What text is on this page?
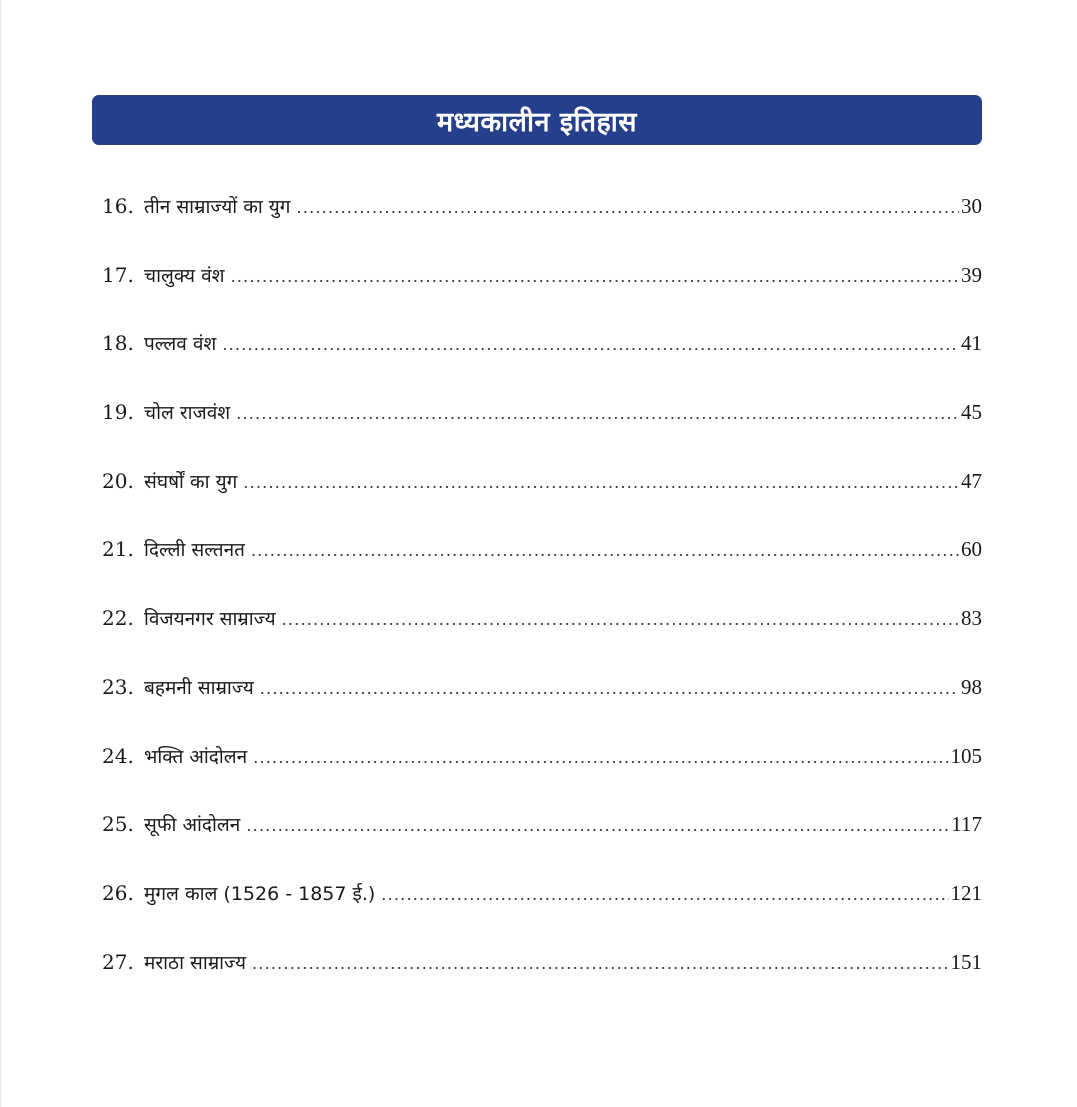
मध्यकालीन इतिहास
16. तीन साम्राज्यों का युग .....	30
17. चालुक्य वंश .....	39
18. पल्लव वंश .....	41
19. चोल राजवंश .....	45
20. संघर्षों का युग .....	47
21. दिल्ली सल्तनत .....	60
22. विजयनगर साम्राज्य .....	83
23. बहमनी साम्राज्य .....	98
24. भक्ति आंदोलन .....	105
25. सूफी आंदोलन .....	117
26. मुगल काल (1526 - 1857 ई.) .....	121
27. मराठा साम्राज्य .....	151
